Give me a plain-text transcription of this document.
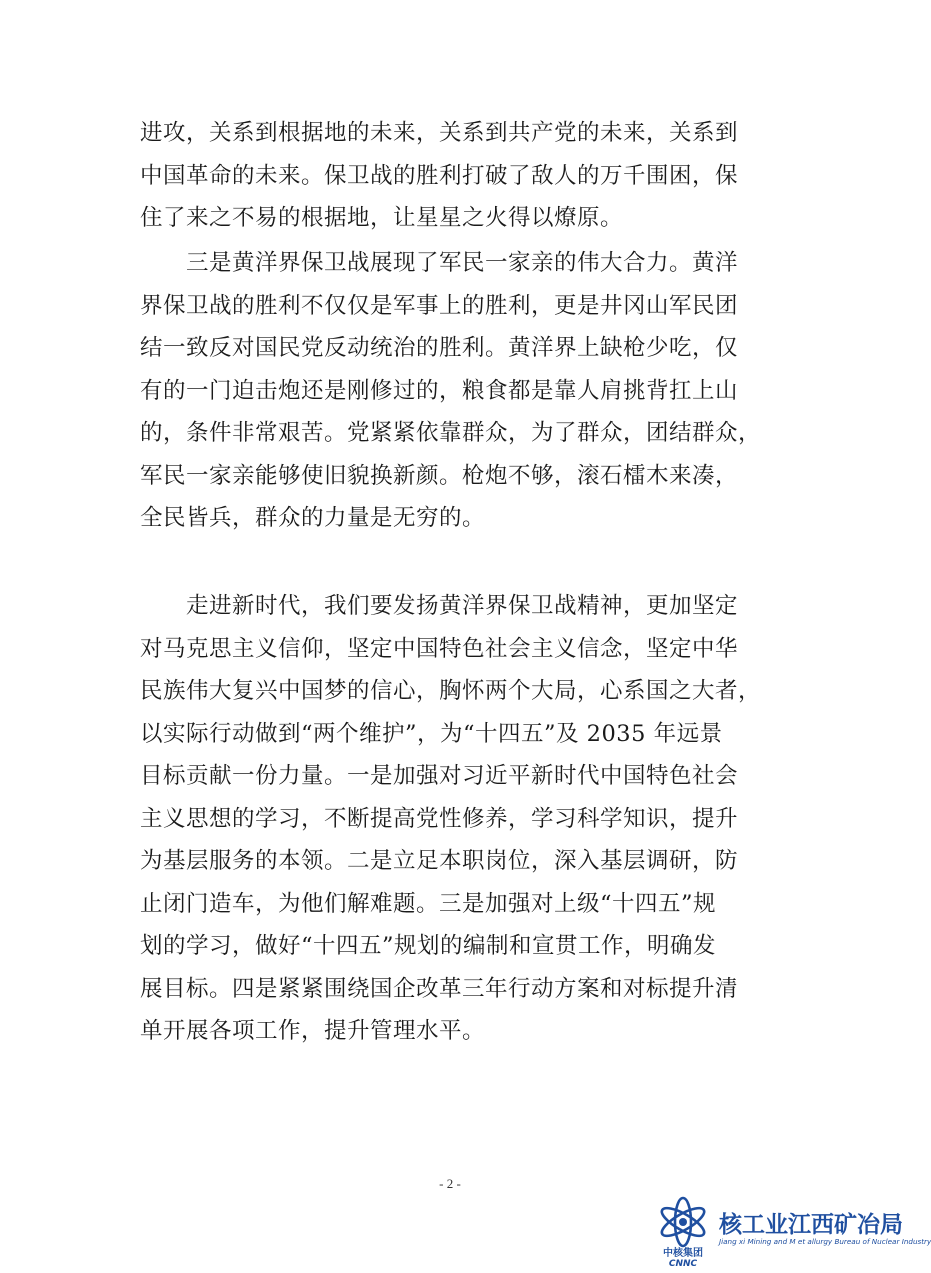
进攻，关系到根据地的未来，关系到共产党的未来，关系到
中国革命的未来。保卫战的胜利打破了敌人的万千围困，保
住了来之不易的根据地，让星星之火得以燎原。
　　三是黄洋界保卫战展现了军民一家亲的伟大合力。黄洋
界保卫战的胜利不仅仅是军事上的胜利，更是井冈山军民团
结一致反对国民党反动统治的胜利。黄洋界上缺枪少吃，仅
有的一门迫击炮还是刚修过的，粮食都是靠人肩挑背扛上山
的，条件非常艰苦。党紧紧依靠群众，为了群众，团结群众，
军民一家亲能够使旧貌换新颜。枪炮不够，滚石檑木来凑，
全民皆兵，群众的力量是无穷的。
　　走进新时代，我们要发扬黄洋界保卫战精神，更加坚定
对马克思主义信仰，坚定中国特色社会主义信念，坚定中华
民族伟大复兴中国梦的信心，胸怀两个大局，心系国之大者，
以实际行动做到“两个维护”，为“十四五”及 2035 年远景
目标贡献一份力量。一是加强对习近平新时代中国特色社会
主义思想的学习，不断提高党性修养，学习科学知识，提升
为基层服务的本领。二是立足本职岗位，深入基层调研，防
止闭门造车，为他们解难题。三是加强对上级“十四五”规
划的学习，做好“十四五”规划的编制和宣贯工作，明确发
展目标。四是紧紧围绕国企改革三年行动方案和对标提升清
单开展各项工作，提升管理水平。
- 2 -
中核集团
CNNC
核工业江西矿冶局
Jiang xi Mining and M et allurgy Bureau of Nuclear Industry
